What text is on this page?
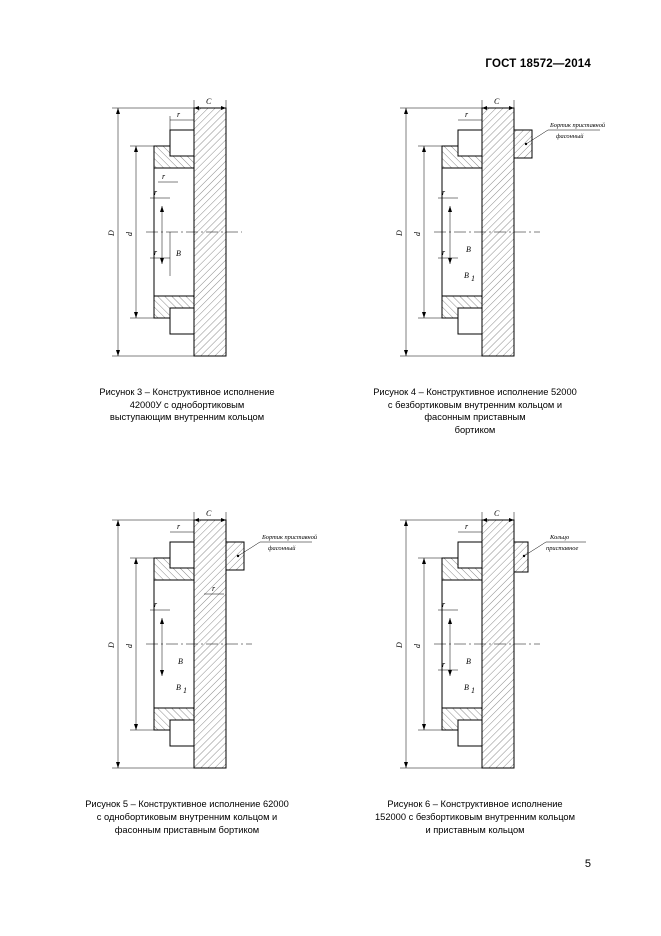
ГОСТ 18572—2014
C
r
D d
B
r
r
r
Рисунок 3 – Конструктивное исполнение
42000У с однобортиковым
выступающим внутренним кольцом
C
r
D d
B
B 1
r
r
Бортик приставной
фасонный
Рисунок 4 – Конструктивное исполнение 52000
с безбортиковым внутренним кольцом и
фасонным приставным
бортиком
C
r
D d
B
B 1
r
r
Бортик приставной
фасонный
Рисунок 5 – Конструктивное исполнение 62000
с однобортиковым внутренним кольцом и
фасонным приставным бортиком
C
r
D d
B
B 1
r
r
Кольцо
приставное
Рисунок 6 – Конструктивное исполнение
152000 с безбортиковым внутренним кольцом
и приставным кольцом
5
